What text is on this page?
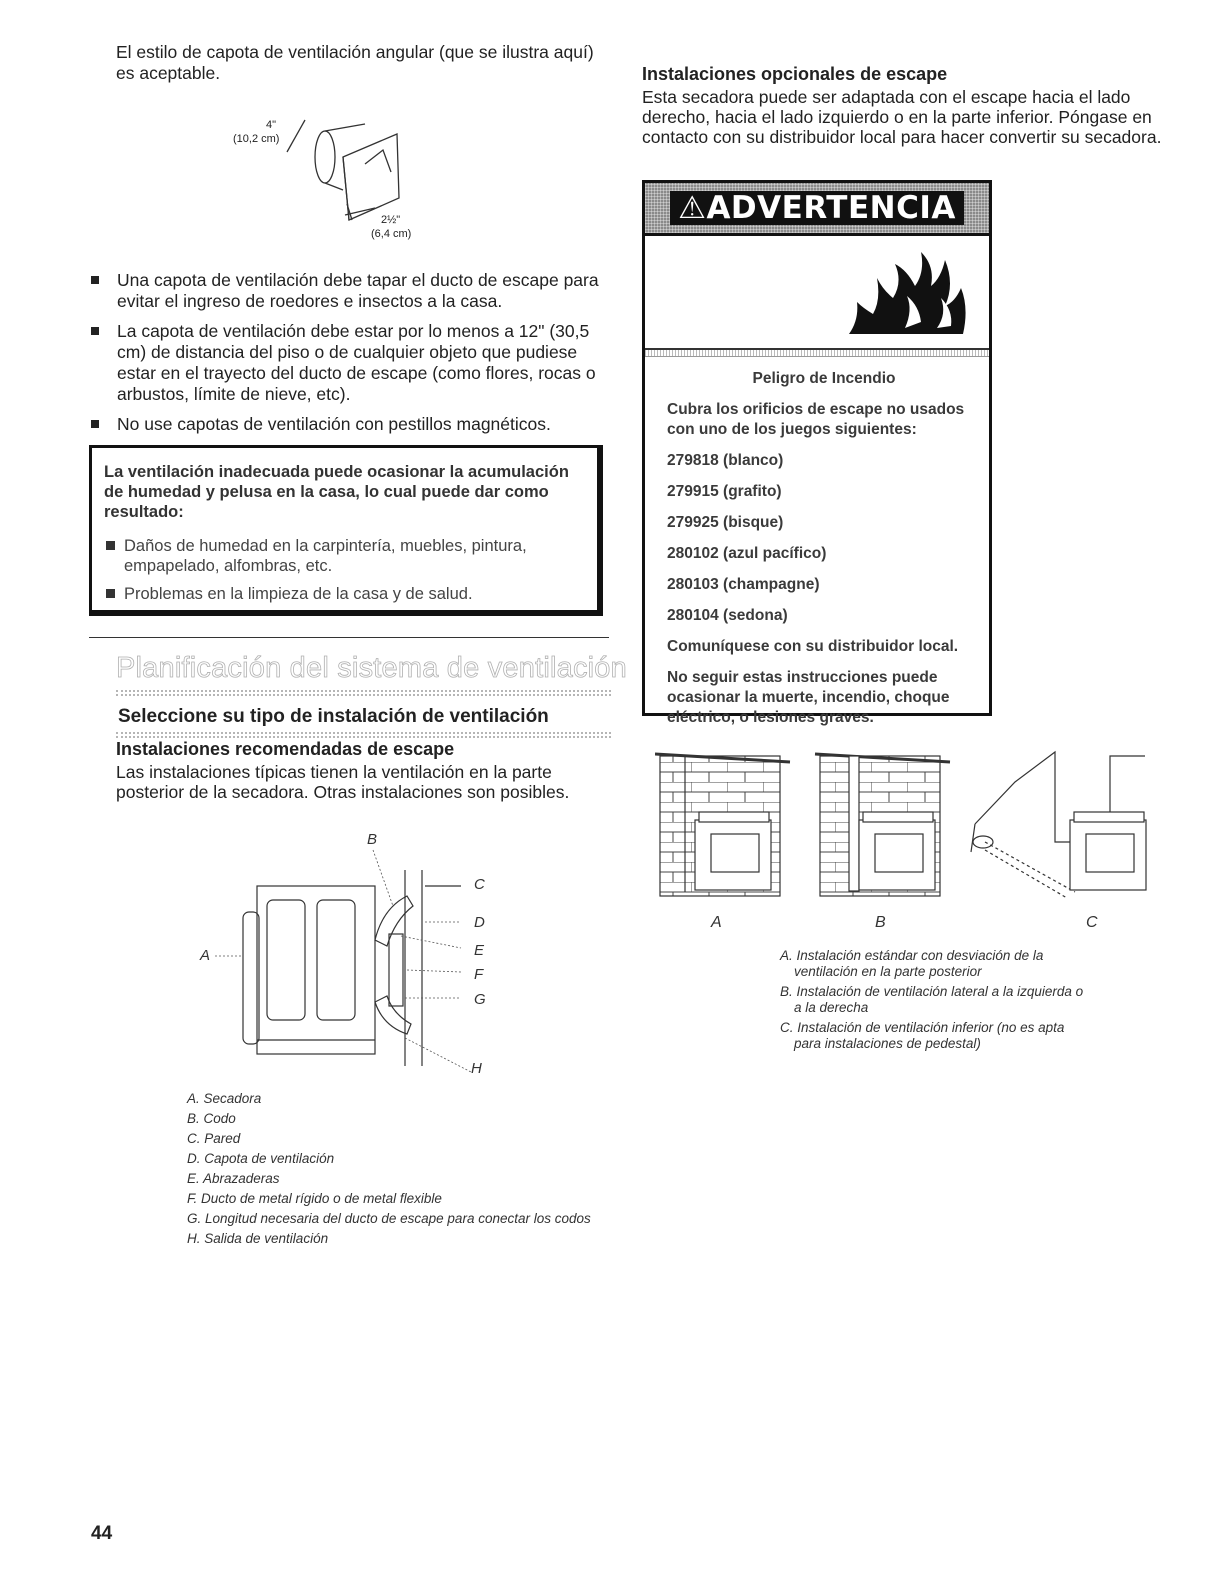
El estilo de capota de ventilación angular (que se ilustra aquí) es aceptable.

4"
(10,2 cm)
2½"
(6,4 cm)

Una capota de ventilación debe tapar el ducto de escape para evitar el ingreso de roedores e insectos a la casa.

La capota de ventilación debe estar por lo menos a 12" (30,5 cm) de distancia del piso o de cualquier objeto que pudiese estar en el trayecto del ducto de escape (como flores, rocas o arbustos, límite de nieve, etc).

No use capotas de ventilación con pestillos magnéticos.

La ventilación inadecuada puede ocasionar la acumulación de humedad y pelusa en la casa, lo cual puede dar como resultado:

Daños de humedad en la carpintería, muebles, pintura, empapelado, alfombras, etc.

Problemas en la limpieza de la casa y de salud.

Planificación del sistema de ventilación

Seleccione su tipo de instalación de ventilación

Instalaciones recomendadas de escape

Las instalaciones típicas tienen la ventilación en la parte posterior de la secadora. Otras instalaciones son posibles.

B
C
D
E
F
G
A
H

A. Secadora

B. Codo

C. Pared

D. Capota de ventilación

E. Abrazaderas

F. Ducto de metal rígido o de metal flexible

G. Longitud necesaria del ducto de escape para conectar los codos

H. Salida de ventilación

44

Instalaciones opcionales de escape

Esta secadora puede ser adaptada con el escape hacia el lado derecho, hacia el lado izquierdo o en la parte inferior. Póngase en contacto con su distribuidor local para hacer convertir su secadora.

⚠ADVERTENCIA

Peligro de Incendio

Cubra los orificios de escape no usados con uno de los juegos siguientes:

279818 (blanco)

279915 (grafito)

279925 (bisque)

280102 (azul pacífico)

280103 (champagne)

280104 (sedona)

Comuníquese con su distribuidor local.

No seguir estas instrucciones puede ocasionar la muerte, incendio, choque eléctrico, o lesiones graves.

A	B	C

A. Instalación estándar con desviación de la ventilación en la parte posterior

B. Instalación de ventilación lateral a la izquierda o a la derecha

C. Instalación de ventilación inferior (no es apta para instalaciones de pedestal)
